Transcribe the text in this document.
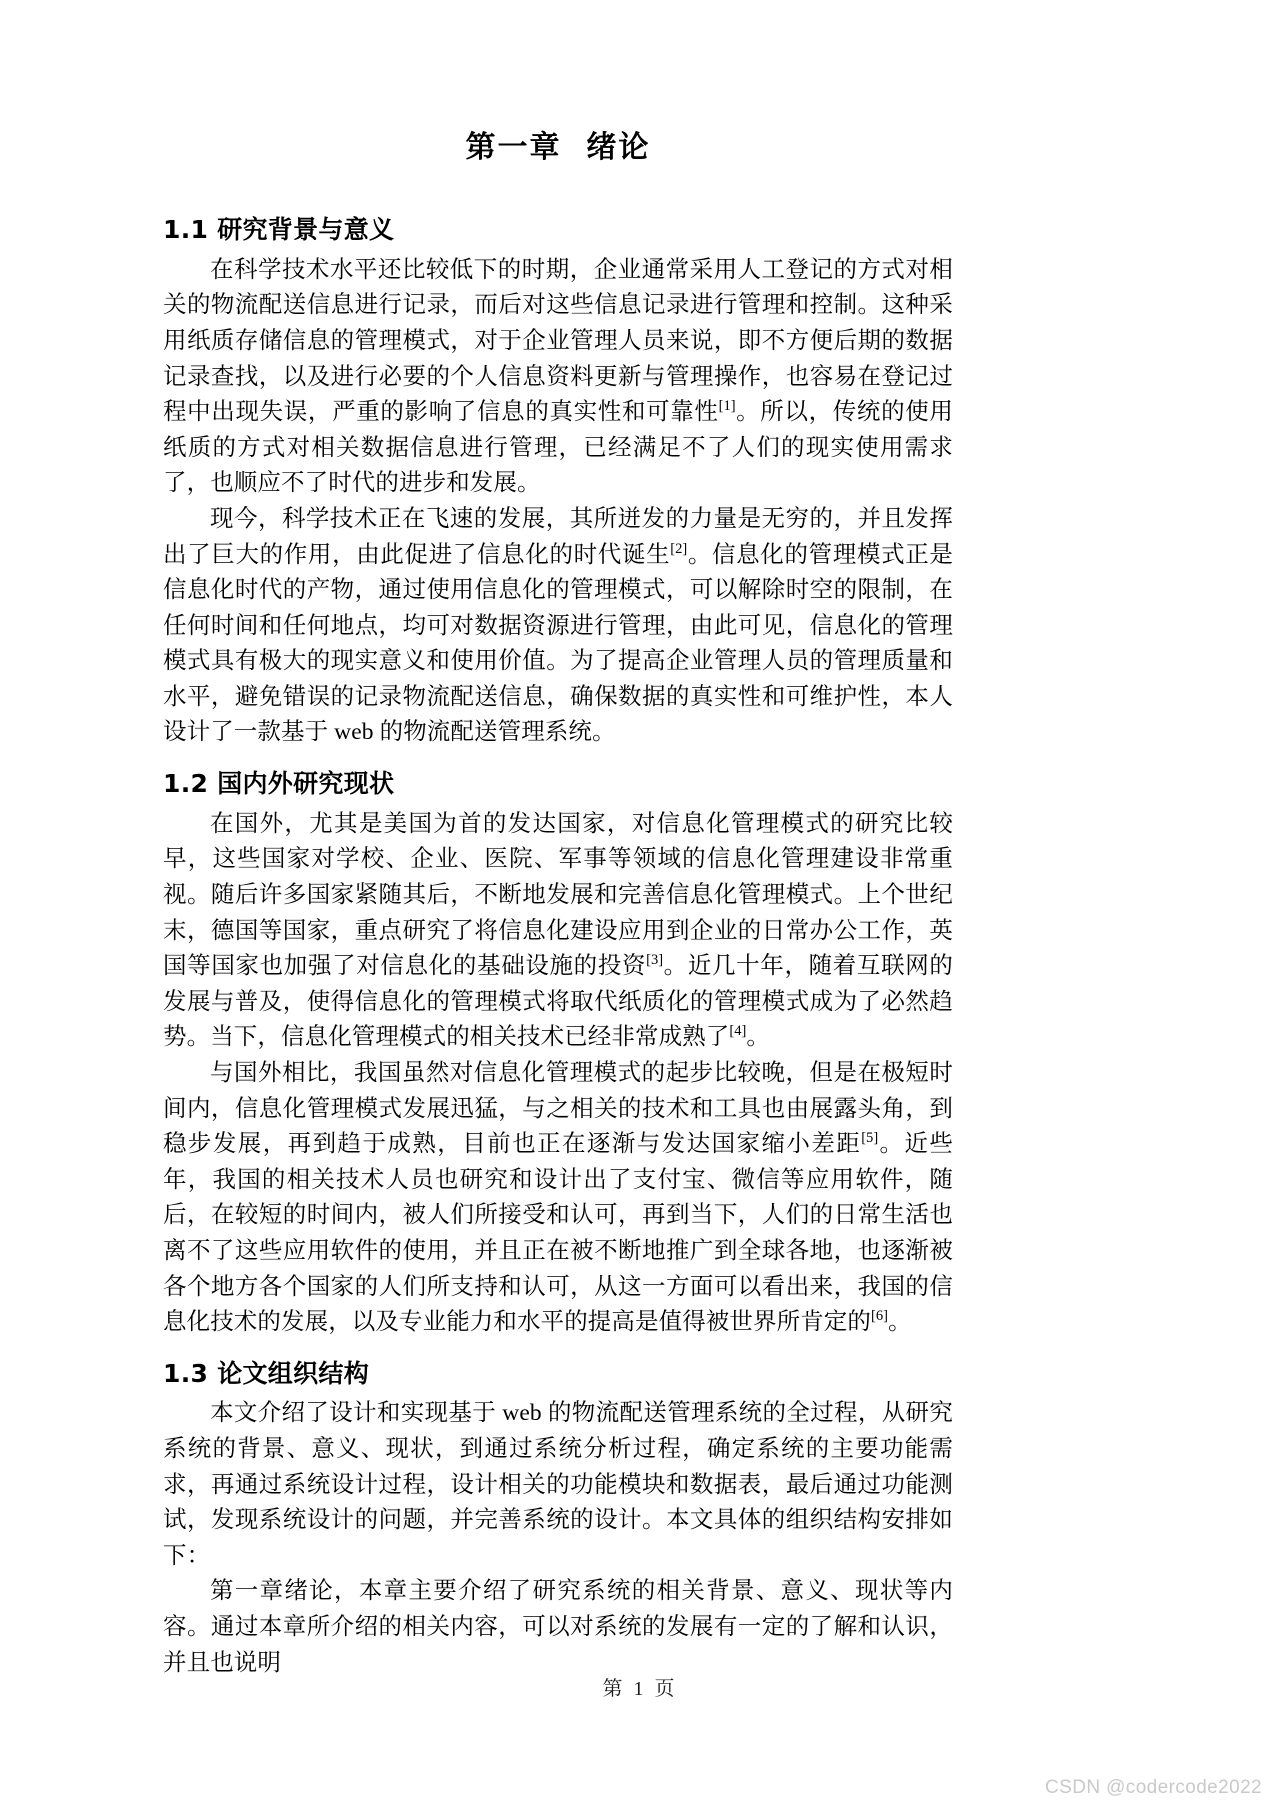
第一章  绪论
1.1 研究背景与意义

在科学技术水平还比较低下的时期，企业通常采用人工登记的方式对相关的物流配送信息进行记录，而后对这些信息记录进行管理和控制。这种采用纸质存储信息的管理模式，对于企业管理人员来说，即不方便后期的数据记录查找，以及进行必要的个人信息资料更新与管理操作，也容易在登记过程中出现失误，严重的影响了信息的真实性和可靠性[1]。所以，传统的使用纸质的方式对相关数据信息进行管理，已经满足不了人们的现实使用需求了，也顺应不了时代的进步和发展。

现今，科学技术正在飞速的发展，其所迸发的力量是无穷的，并且发挥出了巨大的作用，由此促进了信息化的时代诞生[2]。信息化的管理模式正是信息化时代的产物，通过使用信息化的管理模式，可以解除时空的限制，在任何时间和任何地点，均可对数据资源进行管理，由此可见，信息化的管理模式具有极大的现实意义和使用价值。为了提高企业管理人员的管理质量和水平，避免错误的记录物流配送信息，确保数据的真实性和可维护性，本人设计了一款基于 web 的物流配送管理系统。

1.2 国内外研究现状

在国外，尤其是美国为首的发达国家，对信息化管理模式的研究比较早，这些国家对学校、企业、医院、军事等领域的信息化管理建设非常重视。随后许多国家紧随其后，不断地发展和完善信息化管理模式。上个世纪末，德国等国家，重点研究了将信息化建设应用到企业的日常办公工作，英国等国家也加强了对信息化的基础设施的投资[3]。近几十年，随着互联网的发展与普及，使得信息化的管理模式将取代纸质化的管理模式成为了必然趋势。当下，信息化管理模式的相关技术已经非常成熟了[4]。

与国外相比，我国虽然对信息化管理模式的起步比较晚，但是在极短时间内，信息化管理模式发展迅猛，与之相关的技术和工具也由展露头角，到稳步发展，再到趋于成熟，目前也正在逐渐与发达国家缩小差距[5]。近些年，我国的相关技术人员也研究和设计出了支付宝、微信等应用软件，随后，在较短的时间内，被人们所接受和认可，再到当下，人们的日常生活也离不了这些应用软件的使用，并且正在被不断地推广到全球各地，也逐渐被各个地方各个国家的人们所支持和认可，从这一方面可以看出来，我国的信息化技术的发展，以及专业能力和水平的提高是值得被世界所肯定的[6]。

1.3 论文组织结构

本文介绍了设计和实现基于 web 的物流配送管理系统的全过程，从研究系统的背景、意义、现状，到通过系统分析过程，确定系统的主要功能需求，再通过系统设计过程，设计相关的功能模块和数据表，最后通过功能测试，发现系统设计的问题，并完善系统的设计。本文具体的组织结构安排如下：

第一章绪论，本章主要介绍了研究系统的相关背景、意义、现状等内容。通过本章所介绍的相关内容，可以对系统的发展有一定的了解和认识，并且也说明

第 1 页
CSDN @codercode2022
